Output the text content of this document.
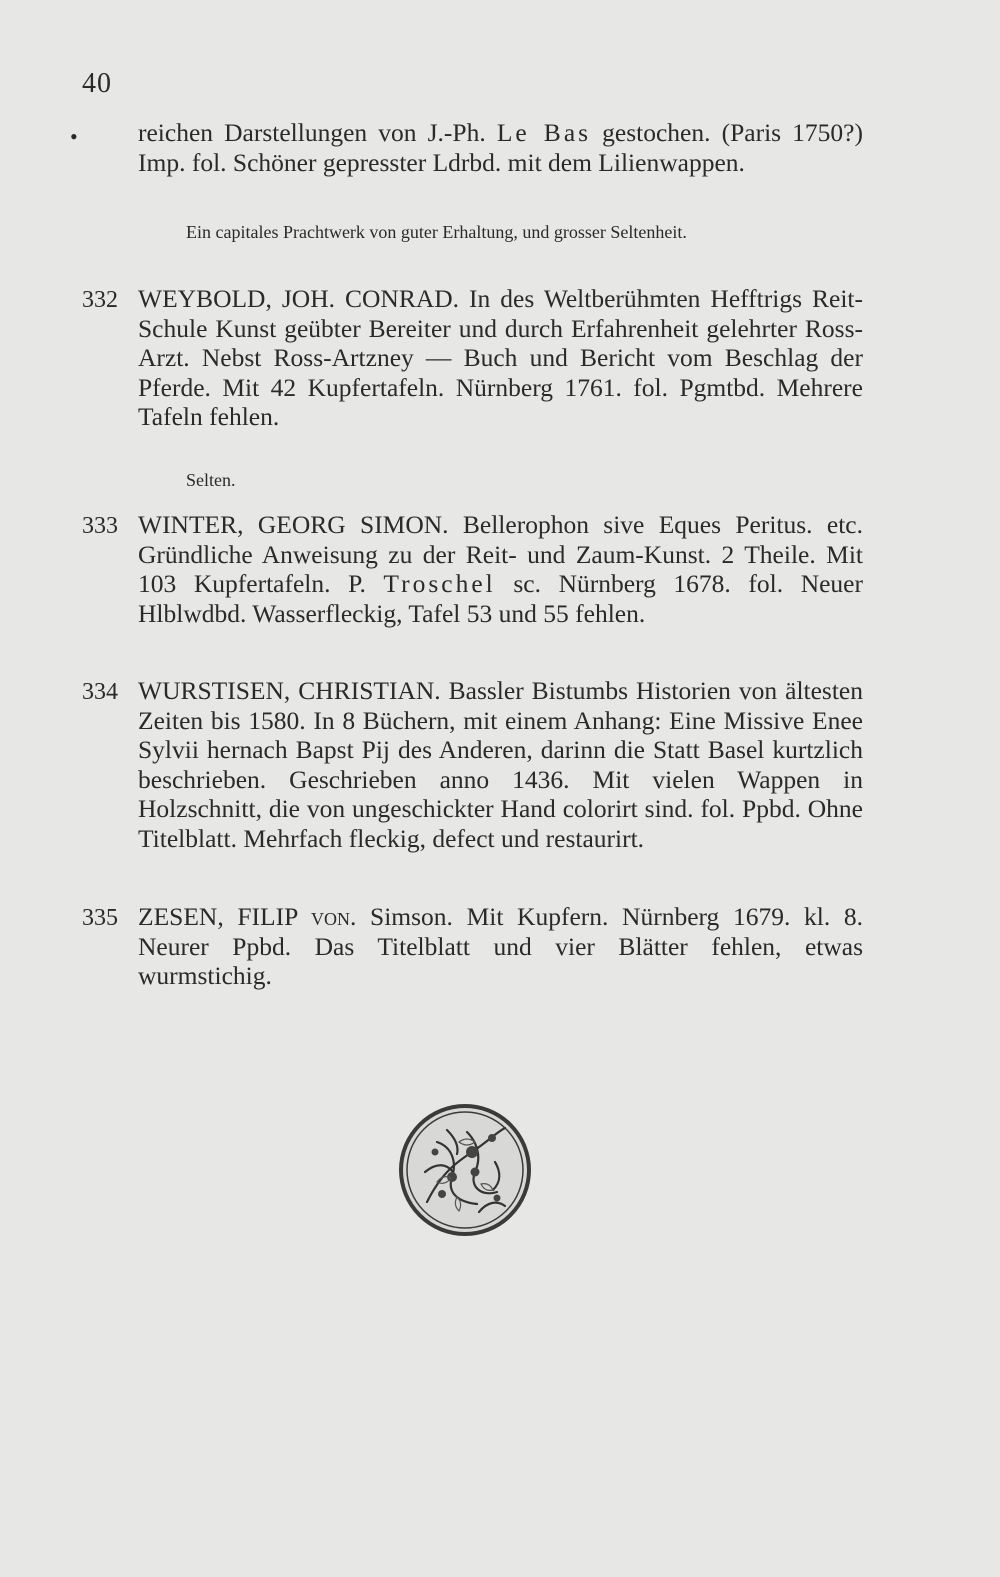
40
• reichen Darstellungen von J.-Ph. Le Bas gestochen. (Paris 1750?) Imp. fol. Schöner gepresster Ldrbd. mit dem Lilienwappen.
Ein capitales Prachtwerk von guter Erhaltung, und grosser Seltenheit.
332 WEYBOLD, JOH. CONRAD. In des Weltberühmten Hefftrigs Reit-Schule Kunst geübter Bereiter und durch Erfahrenheit gelehrter Ross-Arzt. Nebst Ross-Artzney — Buch und Bericht vom Beschlag der Pferde. Mit 42 Kupfertafeln. Nürnberg 1761. fol. Pgmtbd. Mehrere Tafeln fehlen.
Selten.
333 WINTER, GEORG SIMON. Bellerophon sive Eques Peritus. etc. Gründliche Anweisung zu der Reit- und Zaum-Kunst. 2 Theile. Mit 103 Kupfertafeln. P. Troschel sc. Nürnberg 1678. fol. Neuer Hlblwdbd. Wasserfleckig, Tafel 53 und 55 fehlen.
334 WURSTISEN, CHRISTIAN. Bassler Bistumbs Historien von ältesten Zeiten bis 1580. In 8 Büchern, mit einem Anhang: Eine Missive Enee Sylvii hernach Bapst Pij des Anderen, darinn die Statt Basel kurtzlich beschrieben. Geschrieben anno 1436. Mit vielen Wappen in Holzschnitt, die von ungeschickter Hand colorirt sind. fol. Ppbd. Ohne Titelblatt. Mehrfach fleckig, defect und restaurirt.
335 ZESEN, FILIP von. Simson. Mit Kupfern. Nürnberg 1679. kl. 8. Neurer Ppbd. Das Titelblatt und vier Blätter fehlen, etwas wurmstichig.
